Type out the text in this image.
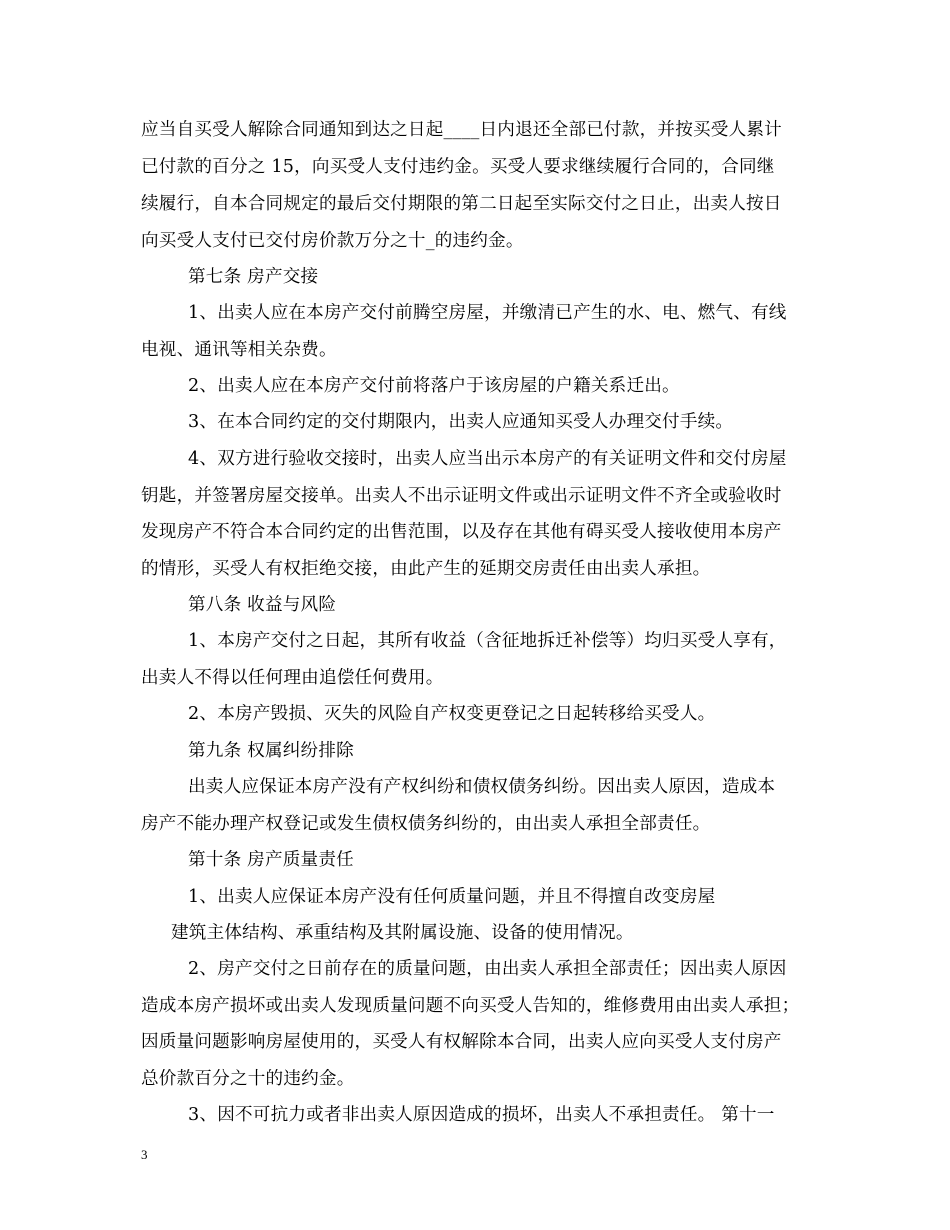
应当自买受人解除合同通知到达之日起____日内退还全部已付款，并按买受人累计
已付款的百分之 15，向买受人支付违约金。买受人要求继续履行合同的，合同继
续履行，自本合同规定的最后交付期限的第二日起至实际交付之日止，出卖人按日
向买受人支付已交付房价款万分之十_的违约金。
第七条 房产交接
1、出卖人应在本房产交付前腾空房屋，并缴清已产生的水、电、燃气、有线
电视、通讯等相关杂费。
2、出卖人应在本房产交付前将落户于该房屋的户籍关系迁出。
3、在本合同约定的交付期限内，出卖人应通知买受人办理交付手续。
4、双方进行验收交接时，出卖人应当出示本房产的有关证明文件和交付房屋
钥匙，并签署房屋交接单。出卖人不出示证明文件或出示证明文件不齐全或验收时
发现房产不符合本合同约定的出售范围，以及存在其他有碍买受人接收使用本房产
的情形，买受人有权拒绝交接，由此产生的延期交房责任由出卖人承担。
第八条 收益与风险
1、本房产交付之日起，其所有收益（含征地拆迁补偿等）均归买受人享有，
出卖人不得以任何理由追偿任何费用。
2、本房产毁损、灭失的风险自产权变更登记之日起转移给买受人。
第九条 权属纠纷排除
出卖人应保证本房产没有产权纠纷和债权债务纠纷。因出卖人原因，造成本
房产不能办理产权登记或发生债权债务纠纷的，由出卖人承担全部责任。
第十条 房产质量责任
1、出卖人应保证本房产没有任何质量问题，并且不得擅自改变房屋
建筑主体结构、承重结构及其附属设施、设备的使用情况。
2、房产交付之日前存在的质量问题，由出卖人承担全部责任；因出卖人原因
造成本房产损坏或出卖人发现质量问题不向买受人告知的，维修费用由出卖人承担；
因质量问题影响房屋使用的，买受人有权解除本合同，出卖人应向买受人支付房产
总价款百分之十的违约金。
3、因不可抗力或者非出卖人原因造成的损坏，出卖人不承担责任。 第十一
3
